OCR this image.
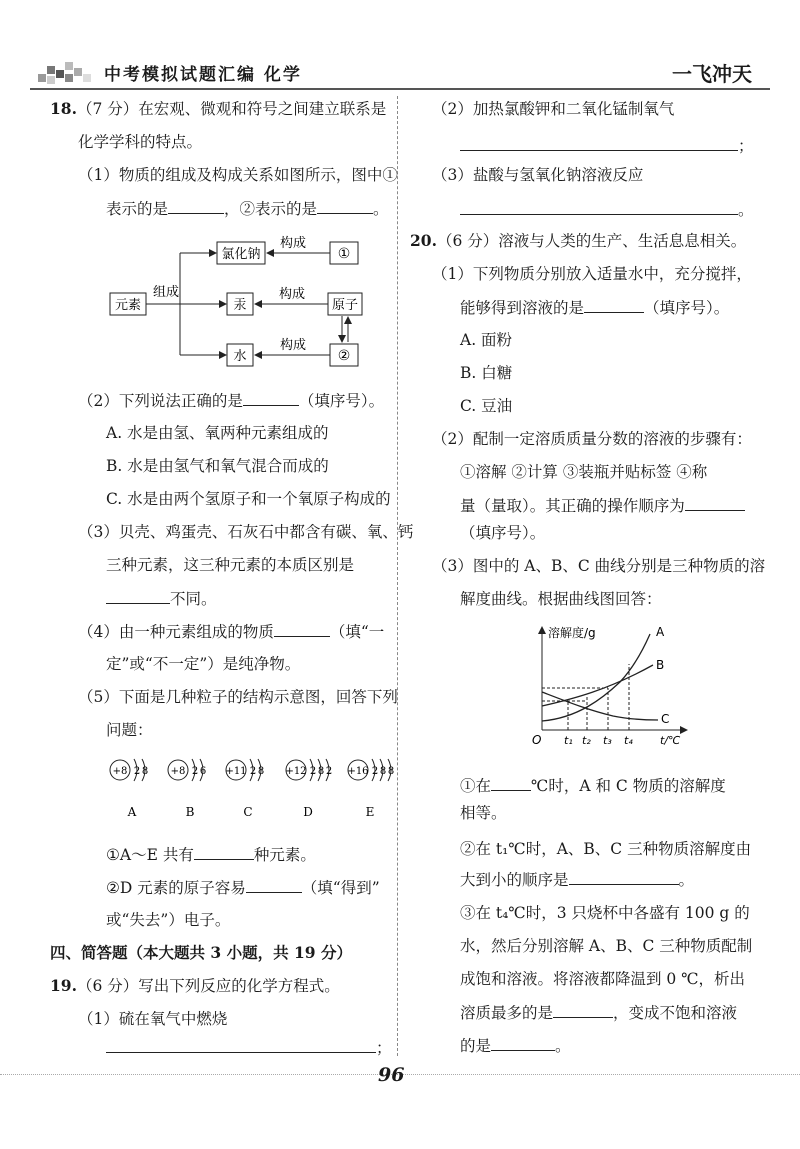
中考模拟试题汇编 化学	一飞冲天
18.（7 分）在宏观、微观和符号之间建立联系是
化学学科的特点。
（1）物质的组成及构成关系如图所示，图中①
表示的是	，②表示的是	。
元素
组成
氯化钠
汞
水
构成
构成
构成
①
原子
②
（2）下列说法正确的是	（填序号）。
A. 水是由氢、氧两种元素组成的
B. 水是由氢气和氧气混合而成的
C. 水是由两个氢原子和一个氧原子构成的
（3）贝壳、鸡蛋壳、石灰石中都含有碳、氧、钙
三种元素，这三种元素的本质区别是
不同。
（4）由一种元素组成的物质	（填“一
定”或“不一定”）是纯净物。
（5）下面是几种粒子的结构示意图，回答下列
问题：
+8 2 8
A
+8 2 6
B
+11 2 8
C
+12 2 8 2
D
+16 2 8 8
E
①A～E 共有	种元素。
②D 元素的原子容易	（填“得到”
或“失去”）电子。
四、简答题（本大题共 3 小题，共 19 分）
19.（6 分）写出下列反应的化学方程式。
（1）硫在氧气中燃烧
；
（2）加热氯酸钾和二氧化锰制氧气
；
（3）盐酸与氢氧化钠溶液反应
。
20.（6 分）溶液与人类的生产、生活息息相关。
（1）下列物质分别放入适量水中，充分搅拌，
能够得到溶液的是	（填序号）。
A. 面粉
B. 白糖
C. 豆油
（2）配制一定溶质质量分数的溶液的步骤有：
①溶解 ②计算 ③装瓶并贴标签 ④称
量（量取）。其正确的操作顺序为
（填序号）。
（3）图中的 A、B、C 曲线分别是三种物质的溶
解度曲线。根据曲线图回答：
溶解度/g
O t₁ t₂ t₃ t₄ t/℃
A
B
C
①在	℃时，A 和 C 物质的溶解度
相等。
②在 t₁℃时，A、B、C 三种物质溶解度由
大到小的顺序是	。
③在 t₄℃时，3 只烧杯中各盛有 100 g 的
水，然后分别溶解 A、B、C 三种物质配制
成饱和溶液。将溶液都降温到 0 ℃，析出
溶质最多的是	，变成不饱和溶液
的是	。
96
